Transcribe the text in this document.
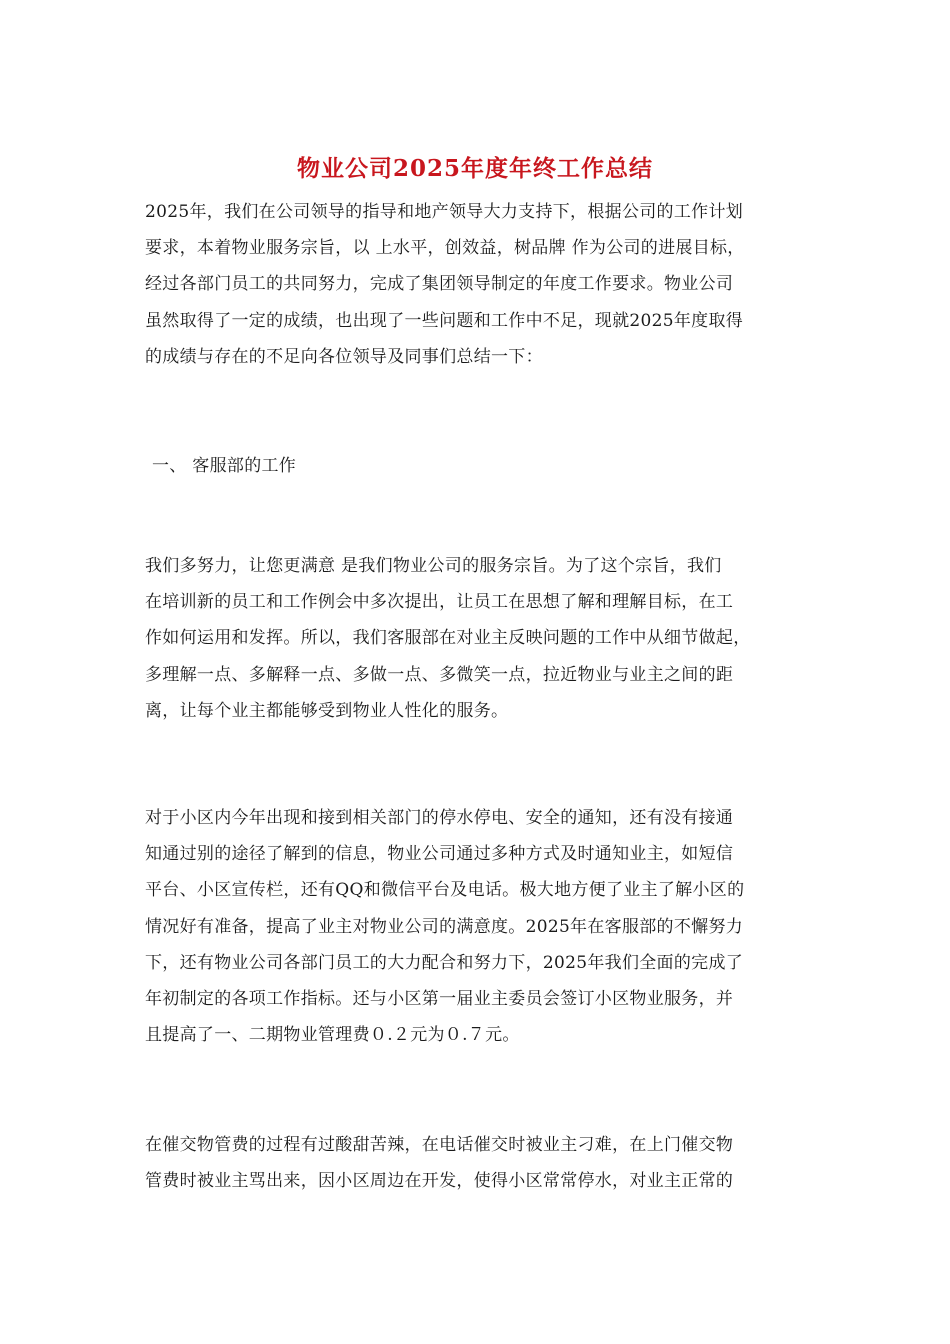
物业公司2025年度年终工作总结
2025年，我们在公司领导的指导和地产领导大力支持下，根据公司的工作计划
要求，本着物业服务宗旨，以 上水平，创效益，树品牌 作为公司的进展目标，
经过各部门员工的共同努力，完成了集团领导制定的年度工作要求。物业公司
虽然取得了一定的成绩，也出现了一些问题和工作中不足，现就2025年度取得
的成绩与存在的不足向各位领导及同事们总结一下：
一、 客服部的工作
我们多努力，让您更满意 是我们物业公司的服务宗旨。为了这个宗旨，我们
在培训新的员工和工作例会中多次提出，让员工在思想了解和理解目标，在工
作如何运用和发挥。所以，我们客服部在对业主反映问题的工作中从细节做起，
多理解一点、多解释一点、多做一点、多微笑一点，拉近物业与业主之间的距
离，让每个业主都能够受到物业人性化的服务。
对于小区内今年出现和接到相关部门的停水停电、安全的通知，还有没有接通
知通过别的途径了解到的信息，物业公司通过多种方式及时通知业主，如短信
平台、小区宣传栏，还有QQ和微信平台及电话。极大地方便了业主了解小区的
情况好有准备，提高了业主对物业公司的满意度。2025年在客服部的不懈努力
下，还有物业公司各部门员工的大力配合和努力下，2025年我们全面的完成了
年初制定的各项工作指标。还与小区第一届业主委员会签订小区物业服务，并
且提高了一、二期物业管理费０.２元为０.７元。
在催交物管费的过程有过酸甜苦辣，在电话催交时被业主刁难，在上门催交物
管费时被业主骂出来，因小区周边在开发，使得小区常常停水，对业主正常的
